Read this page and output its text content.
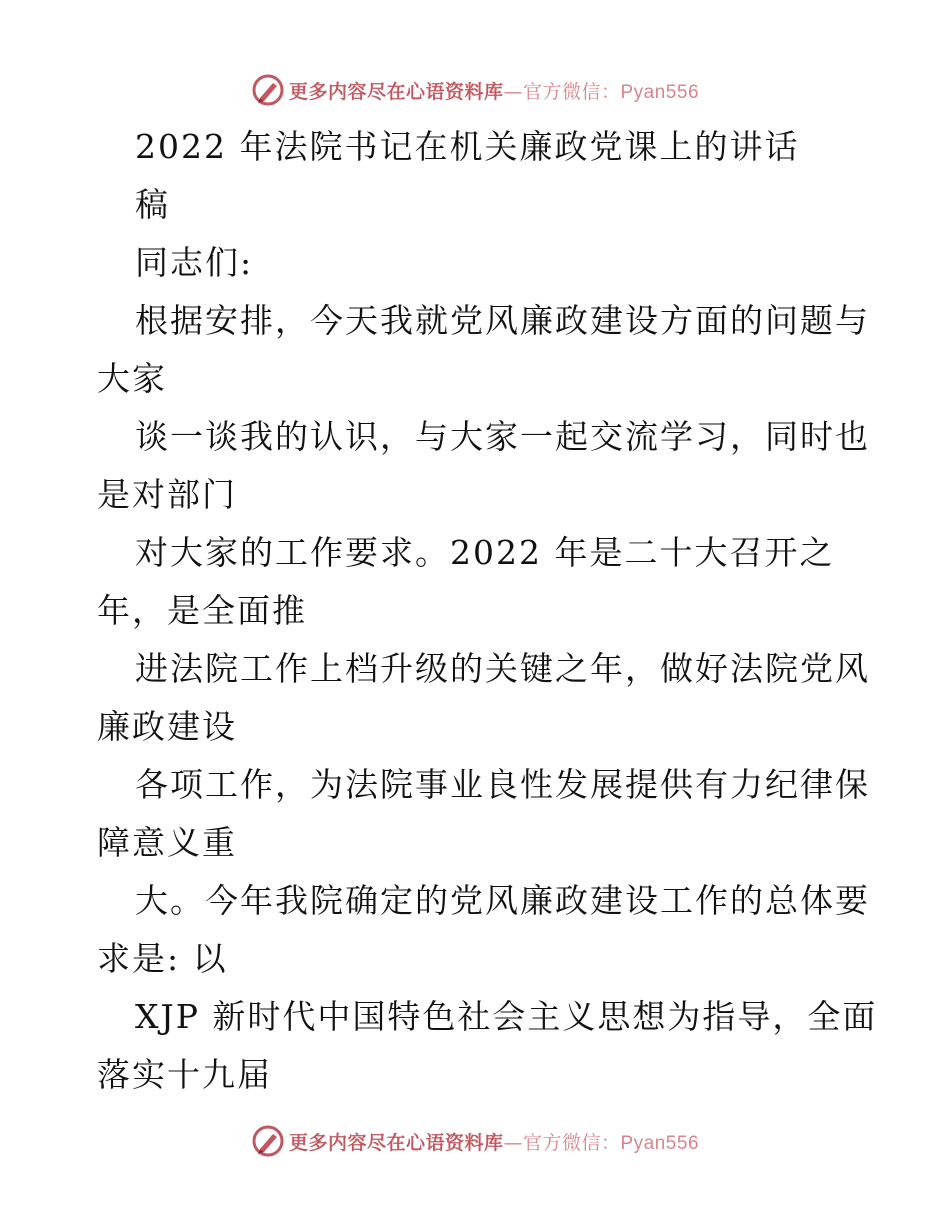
更多内容尽在心语资料库—官方微信：Pyan556
2022 年法院书记在机关廉政党课上的讲话
稿
同志们:
根据安排，今天我就党风廉政建设方面的问题与
大家
谈一谈我的认识，与大家一起交流学习，同时也
是对部门
对大家的工作要求。2022 年是二十大召开之
年，是全面推
进法院工作上档升级的关键之年，做好法院党风
廉政建设
各项工作，为法院事业良性发展提供有力纪律保
障意义重
大。今年我院确定的党风廉政建设工作的总体要
求是: 以
XJP 新时代中国特色社会主义思想为指导，全面
落实十九届
更多内容尽在心语资料库—官方微信：Pyan556
